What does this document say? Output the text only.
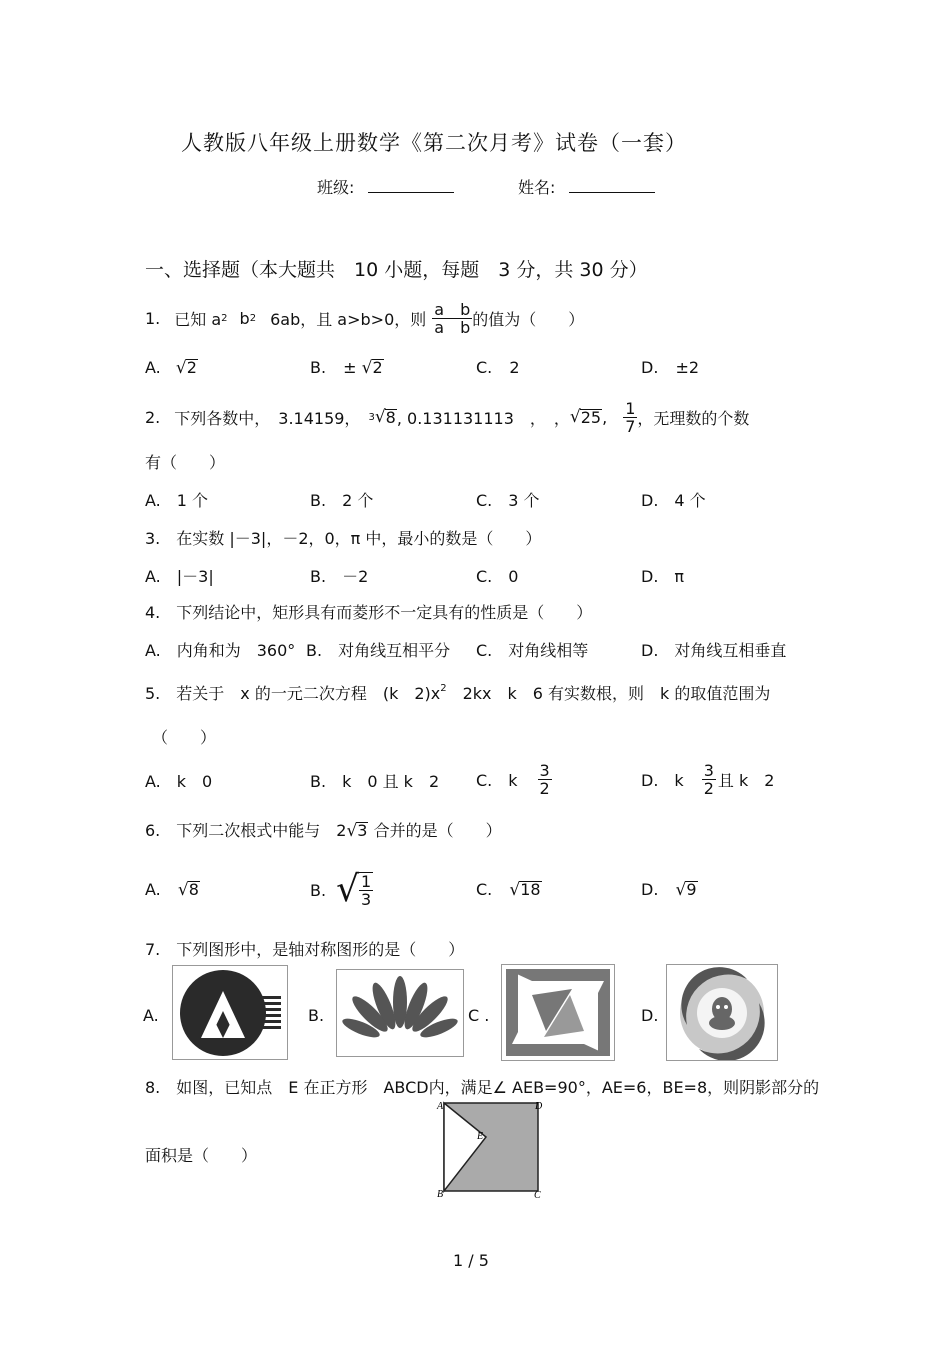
人教版八年级上册数学《第二次月考》试卷（一套）
班级:	姓名:
一、选择题（本大题共　10 小题，每题　3 分，共 30 分）
1. 已知 a 2 b 2 6ab，且 a>b>0，则 $\frac{\text{a　b}}{\text{a　b}}$ 的值为（　　）
A. √2	B. ± √2	C. 2	D. ±2
2. 下列各数中，　3.14159， 3 √ 8 , 0.131131113　，　， √ 25 , $\frac{1}{7}$ ，无理数的个数
有（　　）
A.　1 个	B.　2 个	C.　3 个	D.　4 个
3.　在实数 |－3|，－2，0，π 中，最小的数是（　　）
A.　|－3|	B.　－2	C.　0	D.　π
4.　下列结论中，矩形具有而菱形不一定具有的性质是（　　）
A.　内角和为　360° B.　对角线互相平分 C.　对角线相等	D.　对角线互相垂直
5.　若关于　x 的一元二次方程　(k　$2)x^2$　2kx　k　6 有实数根，则　k 的取值范围为
（　　）
A.　k　0	B.　k　0 且 k　2 C.　k $\frac{3}{2}$	D.　k $\frac{3}{2}$ 且 k　2
6.　下列二次根式中能与　2√3 合并的是（　　）
A. √8	B. √ $\frac{1}{3}$	C. √18	D. √9
7.　下列图形中，是轴对称图形的是（　　）
A.	B.	C .	D.
8.　如图，已知点　E 在正方形　ABCD内，满足∠ AEB=90°，AE=6，BE=8，则阴影部分的
面积是（　　）
A
B	C
D
E
1 / 5
